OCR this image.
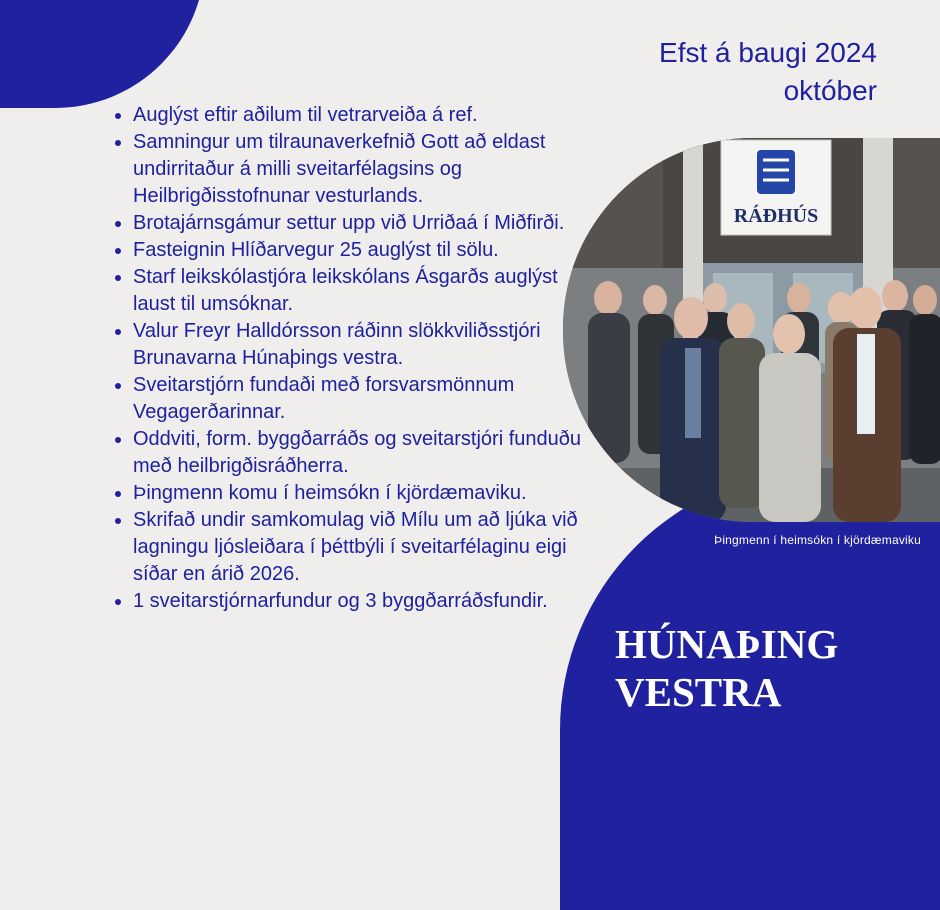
Efst á baugi 2024
október
• Auglýst eftir aðilum til vetrarveiða á ref.
• Samningur um tilraunaverkefnið Gott að eldast undirritaður á milli sveitarfélagsins og Heilbrigðisstofnunar vesturlands.
• Brotajárnsgámur settur upp við Urriðaá í Miðfirði.
• Fasteignin Hlíðarvegur 25 auglýst til sölu.
• Starf leikskólastjóra leikskólans Ásgarðs auglýst laust til umsóknar.
• Valur Freyr Halldórsson ráðinn slökkviliðsstjóri Brunavarna Húnaþings vestra.
• Sveitarstjórn fundaði með forsvarsmönnum Vegagerðarinnar.
• Oddviti, form. byggðarráðs og sveitarstjóri funduðu með heilbrigðisráðherra.
• Þingmenn komu í heimsókn í kjördæmaviku.
• Skrifað undir samkomulag við Mílu um að ljúka við lagningu ljósleiðara í þéttbýli í sveitarfélaginu eigi síðar en árið 2026.
• 1 sveitarstjórnarfundur og 3 byggðarráðsfundir.
RÁÐHÚS
Þingmenn í heimsókn í kjördæmaviku
HÚNAÞING
VESTRA
